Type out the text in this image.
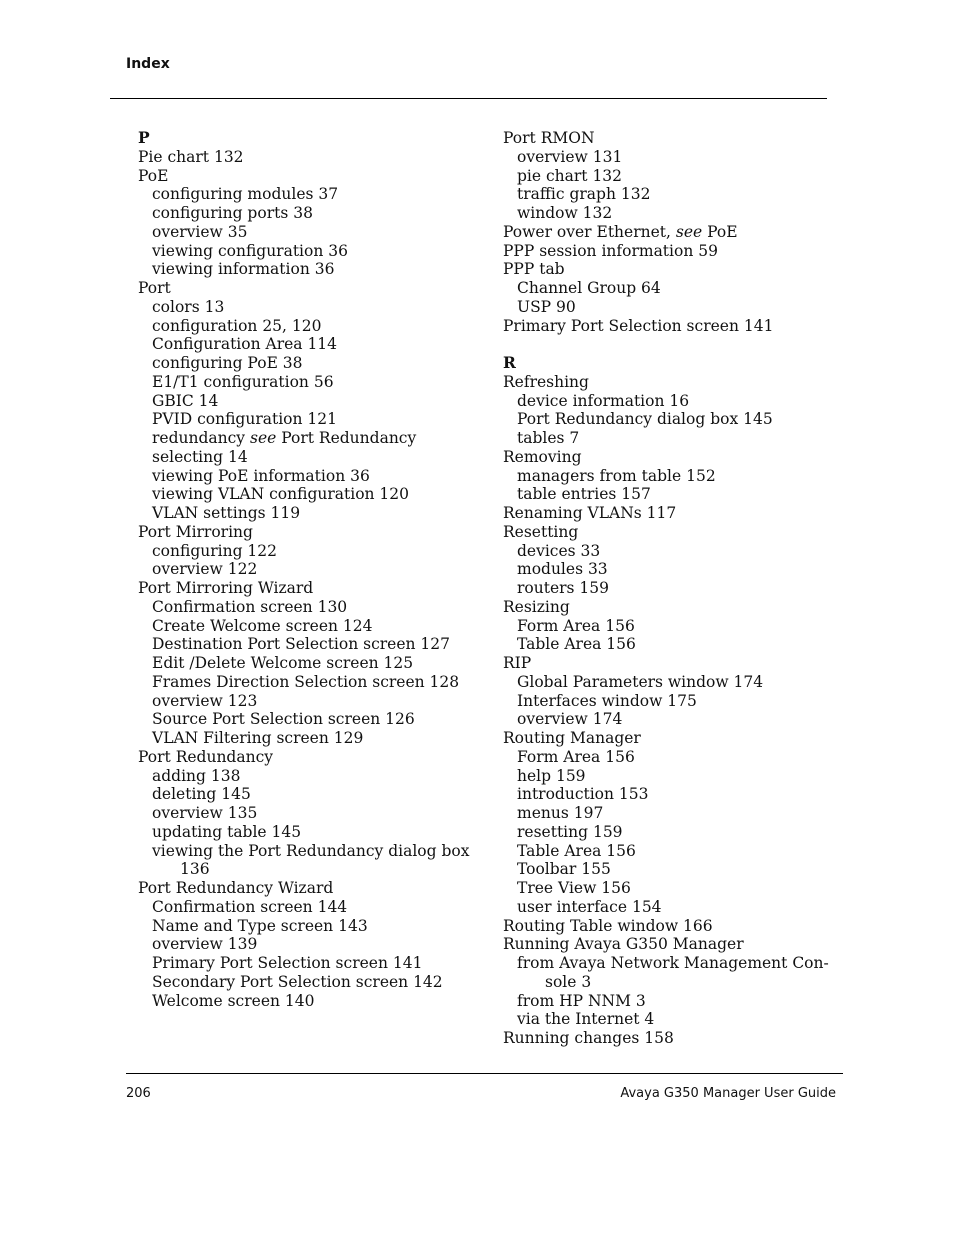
Index
P
Pie chart 132
PoE
configuring modules 37
configuring ports 38
overview 35
viewing configuration 36
viewing information 36
Port
colors 13
configuration 25, 120
Configuration Area 114
configuring PoE 38
E1/T1 configuration 56
GBIC 14
PVID configuration 121
redundancy see Port Redundancy
selecting 14
viewing PoE information 36
viewing VLAN configuration 120
VLAN settings 119
Port Mirroring
configuring 122
overview 122
Port Mirroring Wizard
Confirmation screen 130
Create Welcome screen 124
Destination Port Selection screen 127
Edit /Delete Welcome screen 125
Frames Direction Selection screen 128
overview 123
Source Port Selection screen 126
VLAN Filtering screen 129
Port Redundancy
adding 138
deleting 145
overview 135
updating table 145
viewing the Port Redundancy dialog box
136
Port Redundancy Wizard
Confirmation screen 144
Name and Type screen 143
overview 139
Primary Port Selection screen 141
Secondary Port Selection screen 142
Welcome screen 140
Port RMON
overview 131
pie chart 132
traffic graph 132
window 132
Power over Ethernet, see PoE
PPP session information 59
PPP tab
Channel Group 64
USP 90
Primary Port Selection screen 141
R
Refreshing
device information 16
Port Redundancy dialog box 145
tables 7
Removing
managers from table 152
table entries 157
Renaming VLANs 117
Resetting
devices 33
modules 33
routers 159
Resizing
Form Area 156
Table Area 156
RIP
Global Parameters window 174
Interfaces window 175
overview 174
Routing Manager
Form Area 156
help 159
introduction 153
menus 197
resetting 159
Table Area 156
Toolbar 155
Tree View 156
user interface 154
Routing Table window 166
Running Avaya G350 Manager
from Avaya Network Management Con-
sole 3
from HP NNM 3
via the Internet 4
Running changes 158
206	Avaya G350 Manager User Guide
